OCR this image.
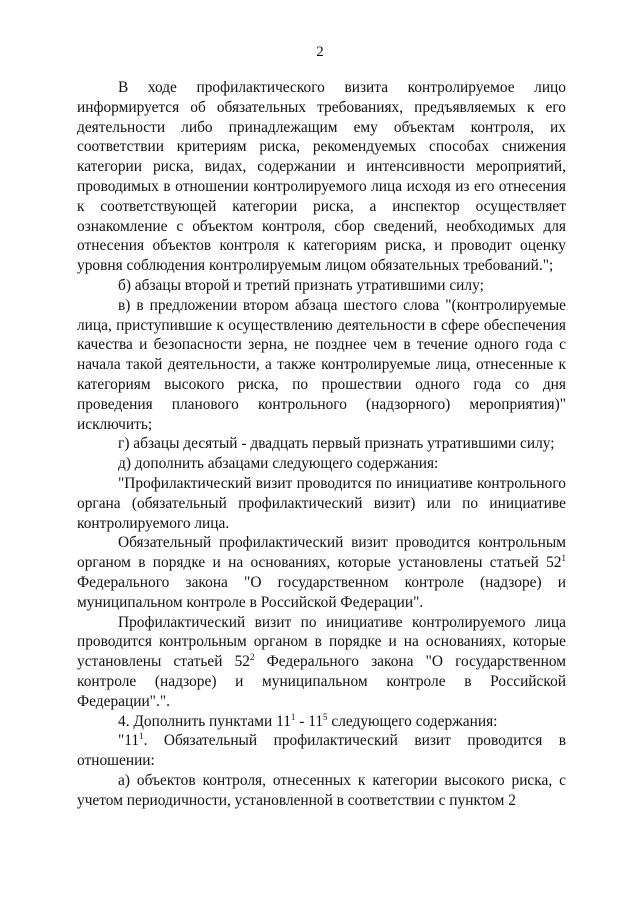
2

В ходе профилактического визита контролируемое лицо информируется об обязательных требованиях, предъявляемых к его деятельности либо принадлежащим ему объектам контроля, их соответствии критериям риска, рекомендуемых способах снижения категории риска, видах, содержании и интенсивности мероприятий, проводимых в отношении контролируемого лица исходя из его отнесения к соответствующей категории риска, а инспектор осуществляет ознакомление с объектом контроля, сбор сведений, необходимых для отнесения объектов контроля к категориям риска, и проводит оценку уровня соблюдения контролируемым лицом обязательных требований.";

б) абзацы второй и третий признать утратившими силу;

в) в предложении втором абзаца шестого слова "(контролируемые лица, приступившие к осуществлению деятельности в сфере обеспечения качества и безопасности зерна, не позднее чем в течение одного года с начала такой деятельности, а также контролируемые лица, отнесенные к категориям высокого риска, по прошествии одного года со дня проведения планового контрольного (надзорного) мероприятия)" исключить;

г) абзацы десятый - двадцать первый признать утратившими силу;

д) дополнить абзацами следующего содержания:

"Профилактический визит проводится по инициативе контрольного органа (обязательный профилактический визит) или по инициативе контролируемого лица.

Обязательный профилактический визит проводится контрольным органом в порядке и на основаниях, которые установлены статьей $52^1$ Федерального закона "О государственном контроле (надзоре) и муниципальном контроле в Российской Федерации".

Профилактический визит по инициативе контролируемого лица проводится контрольным органом в порядке и на основаниях, которые установлены статьей $52^2$ Федерального закона "О государственном контроле (надзоре) и муниципальном контроле в Российской Федерации".".

4. Дополнить пунктами $11^1 - 11^5$ следующего содержания:

"$11^1$. Обязательный профилактический визит проводится в отношении:

а) объектов контроля, отнесенных к категории высокого риска, с учетом периодичности, установленной в соответствии с пунктом 2
